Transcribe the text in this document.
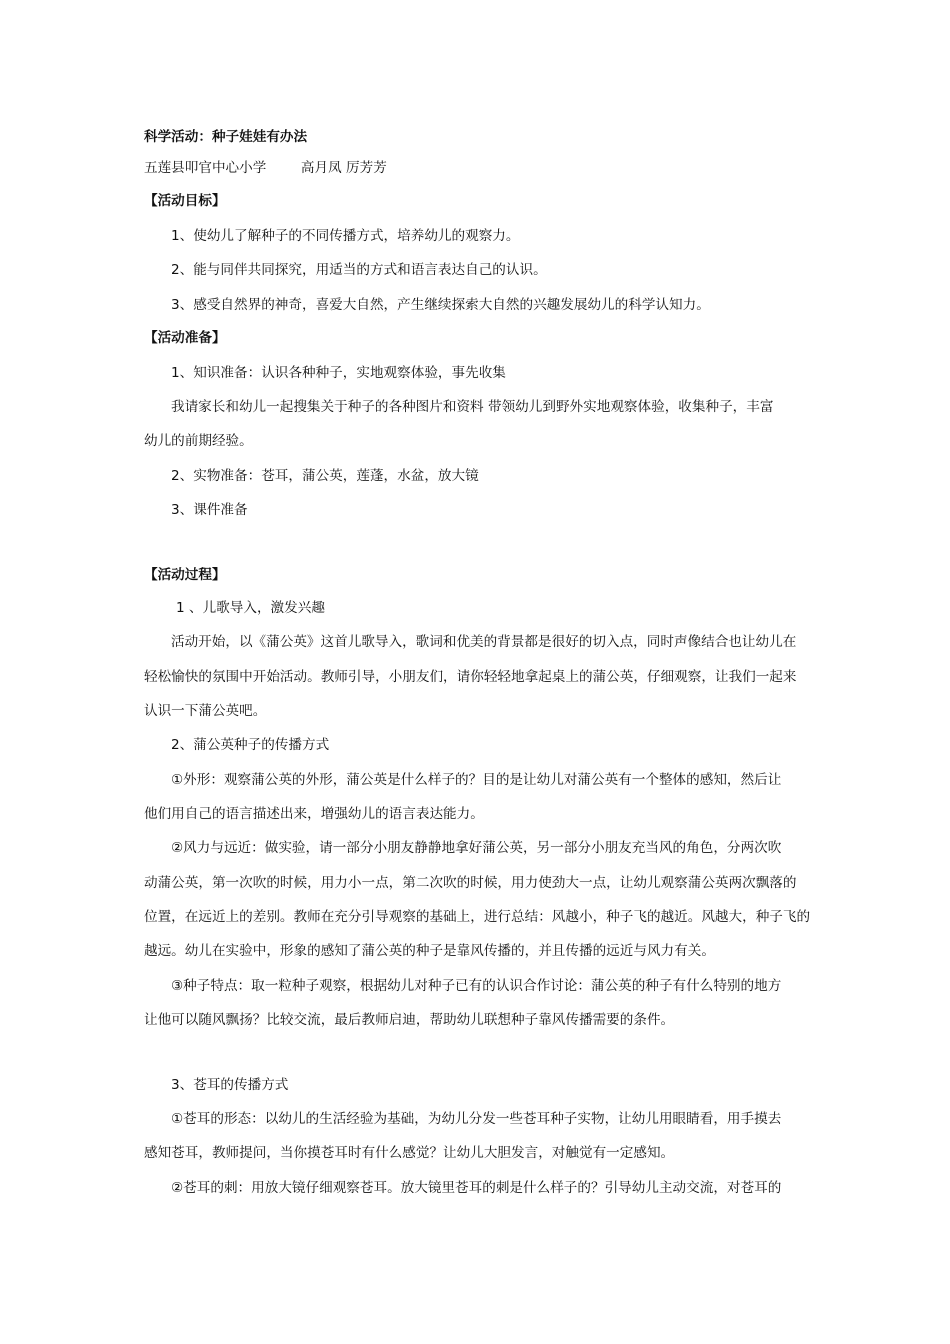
科学活动：种子娃娃有办法
五莲县叩官中心小学        高月凤 厉芳芳
【活动目标】
1、使幼儿了解种子的不同传播方式，培养幼儿的观察力。
2、能与同伴共同探究，用适当的方式和语言表达自己的认识。
3、感受自然界的神奇，喜爱大自然，产生继续探索大自然的兴趣发展幼儿的科学认知力。
【活动准备】
1、知识准备：认识各种种子，实地观察体验，事先收集
我请家长和幼儿一起搜集关于种子的各种图片和资料 带领幼儿到野外实地观察体验，收集种子，丰富
幼儿的前期经验。
2、实物准备：苍耳，蒲公英，莲蓬，水盆，放大镜
3、课件准备
【活动过程】
1 、儿歌导入，激发兴趣
活动开始，以《蒲公英》这首儿歌导入，歌词和优美的背景都是很好的切入点，同时声像结合也让幼儿在
轻松愉快的氛围中开始活动。教师引导，小朋友们，请你轻轻地拿起桌上的蒲公英，仔细观察，让我们一起来
认识一下蒲公英吧。
2、蒲公英种子的传播方式
①外形：观察蒲公英的外形，蒲公英是什么样子的？目的是让幼儿对蒲公英有一个整体的感知，然后让
他们用自己的语言描述出来，增强幼儿的语言表达能力。
②风力与远近：做实验，请一部分小朋友静静地拿好蒲公英，另一部分小朋友充当风的角色，分两次吹
动蒲公英，第一次吹的时候，用力小一点，第二次吹的时候，用力使劲大一点，让幼儿观察蒲公英两次飘落的
位置，在远近上的差别。教师在充分引导观察的基础上，进行总结：风越小，种子飞的越近。风越大，种子飞的
越远。幼儿在实验中，形象的感知了蒲公英的种子是靠风传播的，并且传播的远近与风力有关。
③种子特点：取一粒种子观察，根据幼儿对种子已有的认识合作讨论：蒲公英的种子有什么特别的地方
让他可以随风飘扬？比较交流，最后教师启迪，帮助幼儿联想种子靠风传播需要的条件。
3、苍耳的传播方式
①苍耳的形态：以幼儿的生活经验为基础，为幼儿分发一些苍耳种子实物，让幼儿用眼睛看，用手摸去
感知苍耳，教师提问，当你摸苍耳时有什么感觉？让幼儿大胆发言，对触觉有一定感知。
②苍耳的刺：用放大镜仔细观察苍耳。放大镜里苍耳的刺是什么样子的？引导幼儿主动交流，对苍耳的
